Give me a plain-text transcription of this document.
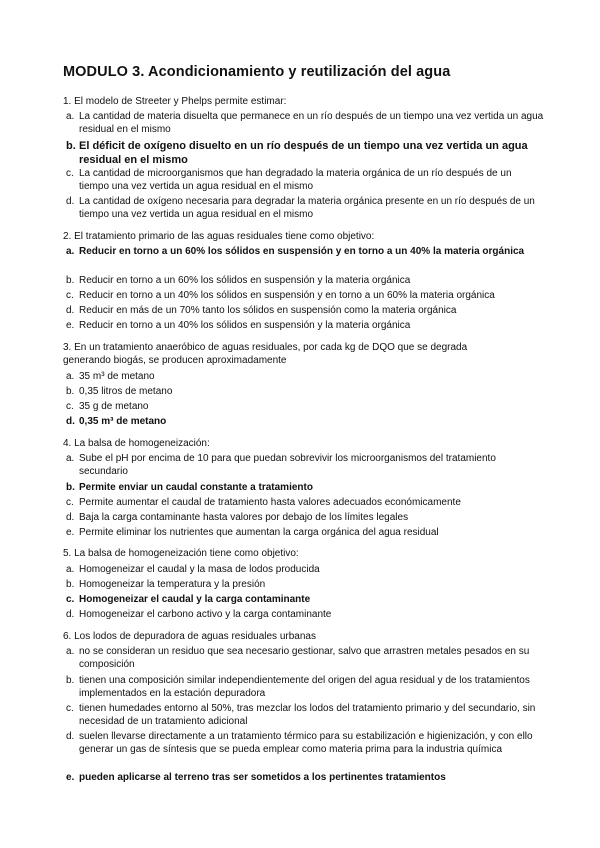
MODULO 3. Acondicionamiento y reutilización del agua
1. El modelo de Streeter y Phelps permite estimar:
a. La cantidad de materia disuelta que permanece en un río después de un tiempo una vez vertida un agua residual en el mismo
b. El déficit de oxígeno disuelto en un río después de un tiempo una vez vertida un agua residual en el mismo
c. La cantidad de microorganismos que han degradado la materia orgánica de un río después de un tiempo una vez vertida un agua residual en el mismo
d. La cantidad de oxígeno necesaria para degradar la materia orgánica presente en un río después de un tiempo una vez vertida un agua residual en el mismo
2. El tratamiento primario de las aguas residuales tiene como objetivo:
a. Reducir en torno a un 60% los sólidos en suspensión y en torno a un 40% la materia orgánica
b. Reducir en torno a un 60% los sólidos en suspensión y la materia orgánica
c. Reducir en torno a un 40% los sólidos en suspensión y en torno a un 60% la materia orgánica
d. Reducir en más de un 70% tanto los sólidos en suspensión como la materia orgánica
e. Reducir en torno a un 40% los sólidos en suspensión y la materia orgánica
3. En un tratamiento anaeróbico de aguas residuales, por cada kg de DQO que se degrada
generando biogás, se producen aproximadamente
a. 35 m³ de metano
b. 0,35 litros de metano
c. 35 g de metano
d. 0,35 m³ de metano
4. La balsa de homogeneización:
a. Sube el pH por encima de 10 para que puedan sobrevivir los microorganismos del tratamiento secundario
b. Permite enviar un caudal constante a tratamiento
c. Permite aumentar el caudal de tratamiento hasta valores adecuados económicamente
d. Baja la carga contaminante hasta valores por debajo de los límites legales
e. Permite eliminar los nutrientes que aumentan la carga orgánica del agua residual
5. La balsa de homogeneización tiene como objetivo:
a. Homogeneizar el caudal y la masa de lodos producida
b. Homogeneizar la temperatura y la presión
c. Homogeneizar el caudal y la carga contaminante
d. Homogeneizar el carbono activo y la carga contaminante
6. Los lodos de depuradora de aguas residuales urbanas
a. no se consideran un residuo que sea necesario gestionar, salvo que arrastren metales pesados en su composición
b. tienen una composición similar independientemente del origen del agua residual y de los tratamientos implementados en la estación depuradora
c. tienen humedades entorno al 50%, tras mezclar los lodos del tratamiento primario y del secundario, sin necesidad de un tratamiento adicional
d. suelen llevarse directamente a un tratamiento térmico para su estabilización e higienización, y con ello generar un gas de síntesis que se pueda emplear como materia prima para la industria química
e. pueden aplicarse al terreno tras ser sometidos a los pertinentes tratamientos
